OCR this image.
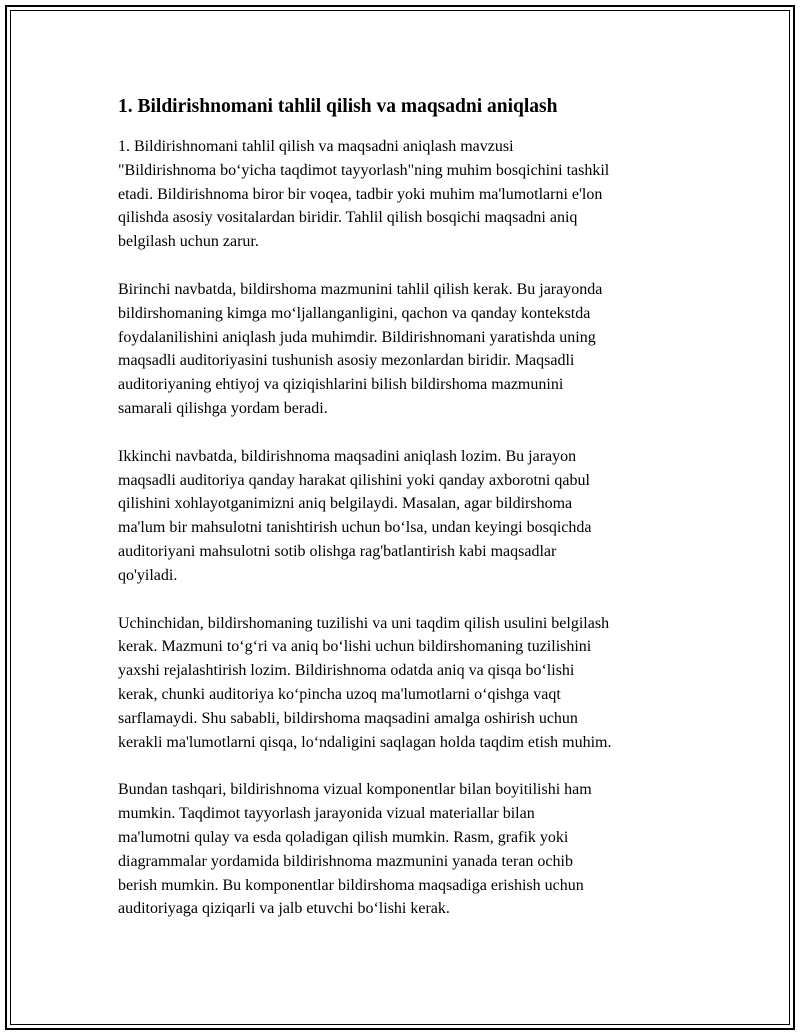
1. Bildirishnomani tahlil qilish va maqsadni aniqlash

1. Bildirishnomani tahlil qilish va maqsadni aniqlash mavzusi
"Bildirishnoma bo‘yicha taqdimot tayyorlash"ning muhim bosqichini tashkil
etadi. Bildirishnoma biror bir voqea, tadbir yoki muhim ma'lumotlarni e'lon
qilishda asosiy vositalardan biridir. Tahlil qilish bosqichi maqsadni aniq
belgilash uchun zarur.

Birinchi navbatda, bildirshoma mazmunini tahlil qilish kerak. Bu jarayonda
bildirshomaning kimga mo‘ljallanganligini, qachon va qanday kontekstda
foydalanilishini aniqlash juda muhimdir. Bildirishnomani yaratishda uning
maqsadli auditoriyasini tushunish asosiy mezonlardan biridir. Maqsadli
auditoriyaning ehtiyoj va qiziqishlarini bilish bildirshoma mazmunini
samarali qilishga yordam beradi.

Ikkinchi navbatda, bildirishnoma maqsadini aniqlash lozim. Bu jarayon
maqsadli auditoriya qanday harakat qilishini yoki qanday axborotni qabul
qilishini xohlayotganimizni aniq belgilaydi. Masalan, agar bildirshoma
ma'lum bir mahsulotni tanishtirish uchun bo‘lsa, undan keyingi bosqichda
auditoriyani mahsulotni sotib olishga rag'batlantirish kabi maqsadlar
qo'yiladi.

Uchinchidan, bildirshomaning tuzilishi va uni taqdim qilish usulini belgilash
kerak. Mazmuni to‘g‘ri va aniq bo‘lishi uchun bildirshomaning tuzilishini
yaxshi rejalashtirish lozim. Bildirishnoma odatda aniq va qisqa bo‘lishi
kerak, chunki auditoriya ko‘pincha uzoq ma'lumotlarni o‘qishga vaqt
sarflamaydi. Shu sababli, bildirshoma maqsadini amalga oshirish uchun
kerakli ma'lumotlarni qisqa, lo‘ndaligini saqlagan holda taqdim etish muhim.

Bundan tashqari, bildirishnoma vizual komponentlar bilan boyitilishi ham
mumkin. Taqdimot tayyorlash jarayonida vizual materiallar bilan
ma'lumotni qulay va esda qoladigan qilish mumkin. Rasm, grafik yoki
diagrammalar yordamida bildirishnoma mazmunini yanada teran ochib
berish mumkin. Bu komponentlar bildirshoma maqsadiga erishish uchun
auditoriyaga qiziqarli va jalb etuvchi bo‘lishi kerak.
